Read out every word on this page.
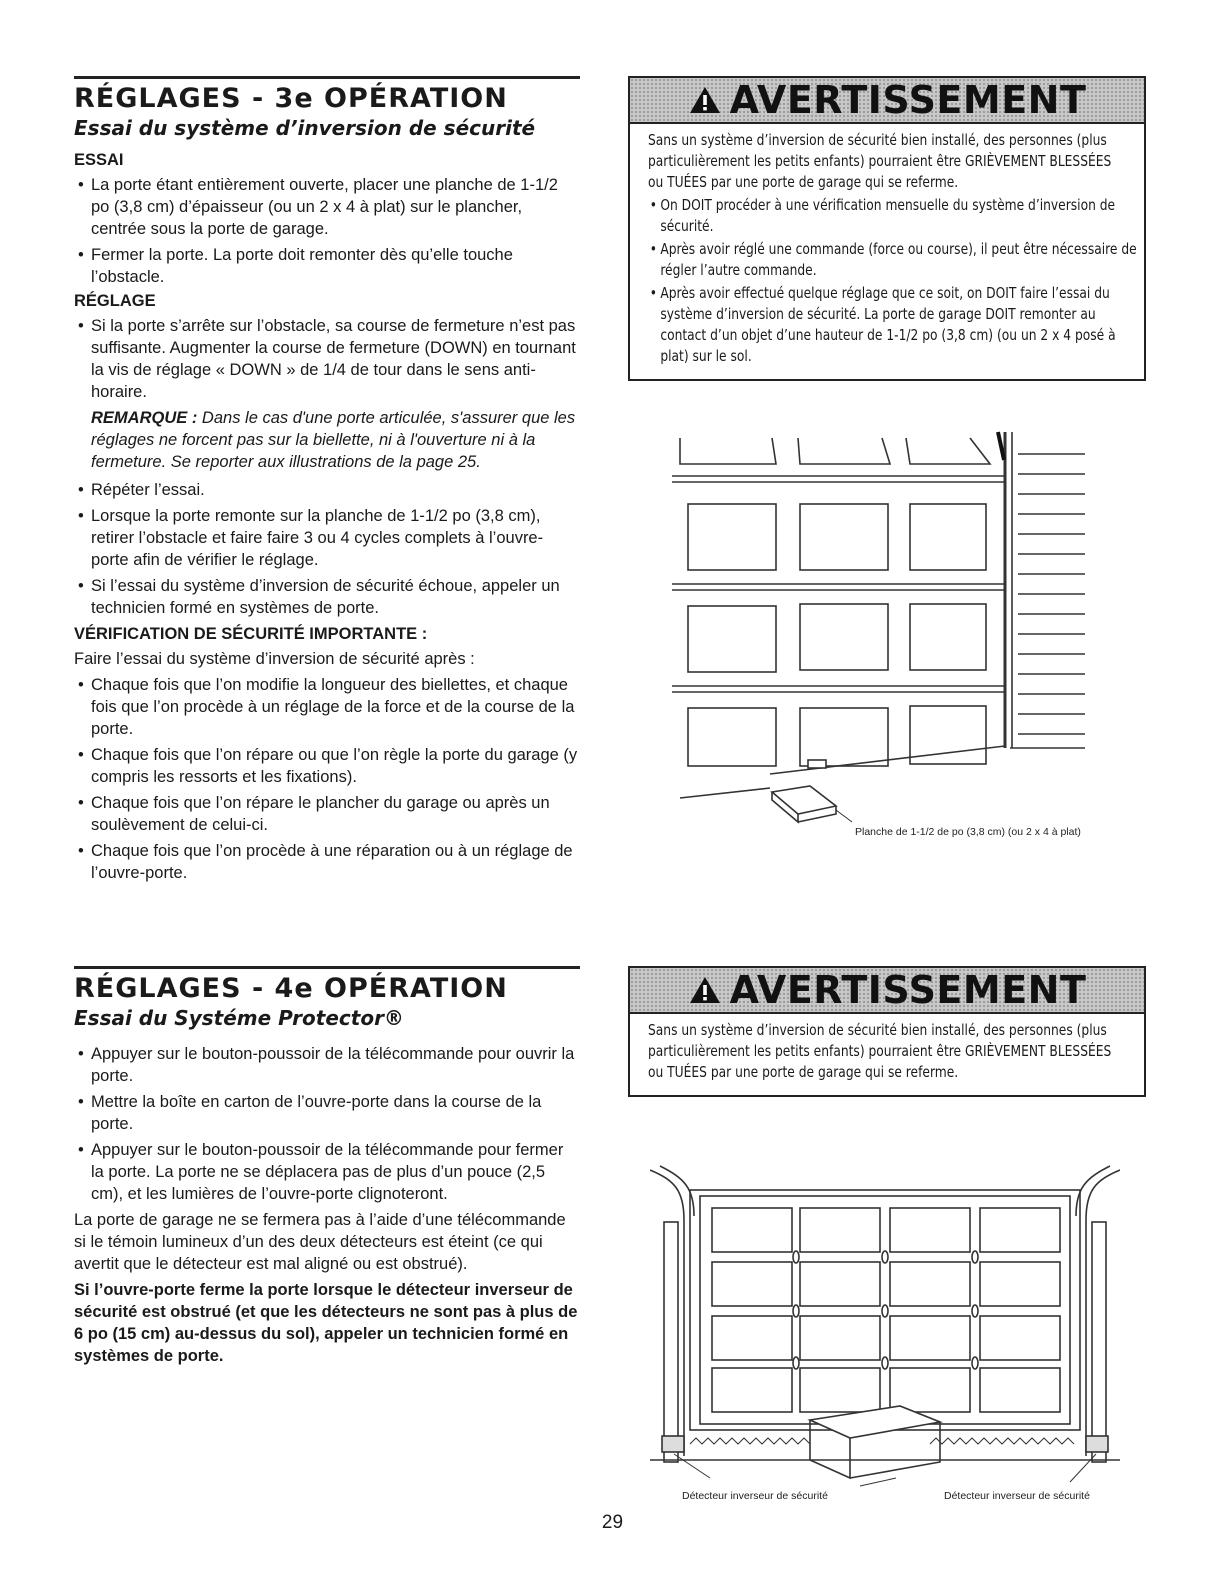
RÉGLAGES - 3e OPÉRATION
Essai du système d’inversion de sécurité
ESSAI
• La porte étant entièrement ouverte, placer une planche de 1-1/2 po (3,8 cm) d’épaisseur (ou un 2 x 4 à plat) sur le plancher, centrée sous la porte de garage.
• Fermer la porte. La porte doit remonter dès qu’elle touche l’obstacle.
RÉGLAGE
• Si la porte s’arrête sur l’obstacle, sa course de fermeture n’est pas suffisante. Augmenter la course de fermeture (DOWN) en tournant la vis de réglage « DOWN » de 1/4 de tour dans le sens anti-horaire.

REMARQUE : Dans le cas d'une porte articulée, s'assurer que les réglages ne forcent pas sur la biellette, ni à l'ouverture ni à la fermeture. Se reporter aux illustrations de la page 25.

• Répéter l’essai.
• Lorsque la porte remonte sur la planche de 1-1/2 po (3,8 cm), retirer l’obstacle et faire faire 3 ou 4 cycles complets à l’ouvre-porte afin de vérifier le réglage.
• Si l’essai du système d’inversion de sécurité échoue, appeler un technicien formé en systèmes de porte.
VÉRIFICATION DE SÉCURITÉ IMPORTANTE :

Faire l’essai du système d’inversion de sécurité après :

• Chaque fois que l’on modifie la longueur des biellettes, et chaque fois que l’on procède à un réglage de la force et de la course de la porte.
• Chaque fois que l’on répare ou que l’on règle la porte du garage (y compris les ressorts et les fixations).
• Chaque fois que l’on répare le plancher du garage ou après un soulèvement de celui-ci.
• Chaque fois que l’on procède à une réparation ou à un réglage de l’ouvre-porte.
AVERTISSEMENT

Sans un système d’inversion de sécurité bien installé, des personnes (plus particulièrement les petits enfants) pourraient être GRIÈVEMENT BLESSÉES ou TUÉES par une porte de garage qui se referme.

• On DOIT procéder à une vérification mensuelle du système d’inversion de sécurité.
• Après avoir réglé une commande (force ou course), il peut être nécessaire de régler l’autre commande.
• Après avoir effectué quelque réglage que ce soit, on DOIT faire l’essai du système d’inversion de sécurité. La porte de garage DOIT remonter au contact d’un objet d’une hauteur de 1-1/2 po (3,8 cm) (ou un 2 x 4 posé à plat) sur le sol.
Planche de 1-1/2 de po (3,8 cm) (ou 2 x 4 à plat)
RÉGLAGES - 4e OPÉRATION
Essai du Systéme Protector®
• Appuyer sur le bouton-poussoir de la télécommande pour ouvrir la porte.
• Mettre la boîte en carton de l’ouvre-porte dans la course de la porte.
• Appuyer sur le bouton-poussoir de la télécommande pour fermer la porte. La porte ne se déplacera pas de plus d’un pouce (2,5 cm), et les lumières de l’ouvre-porte clignoteront.

La porte de garage ne se fermera pas à l’aide d’une télécommande si le témoin lumineux d’un des deux détecteurs est éteint (ce qui avertit que le détecteur est mal aligné ou est obstrué).

Si l’ouvre-porte ferme la porte lorsque le détecteur inverseur de sécurité est obstrué (et que les détecteurs ne sont pas à plus de 6 po (15 cm) au-dessus du sol), appeler un technicien formé en systèmes de porte.

AVERTISSEMENT

Sans un système d’inversion de sécurité bien installé, des personnes (plus particulièrement les petits enfants) pourraient être GRIÈVEMENT BLESSÉES ou TUÉES par une porte de garage qui se referme.

Détecteur inverseur de sécurité	Détecteur inverseur de sécurité
29
